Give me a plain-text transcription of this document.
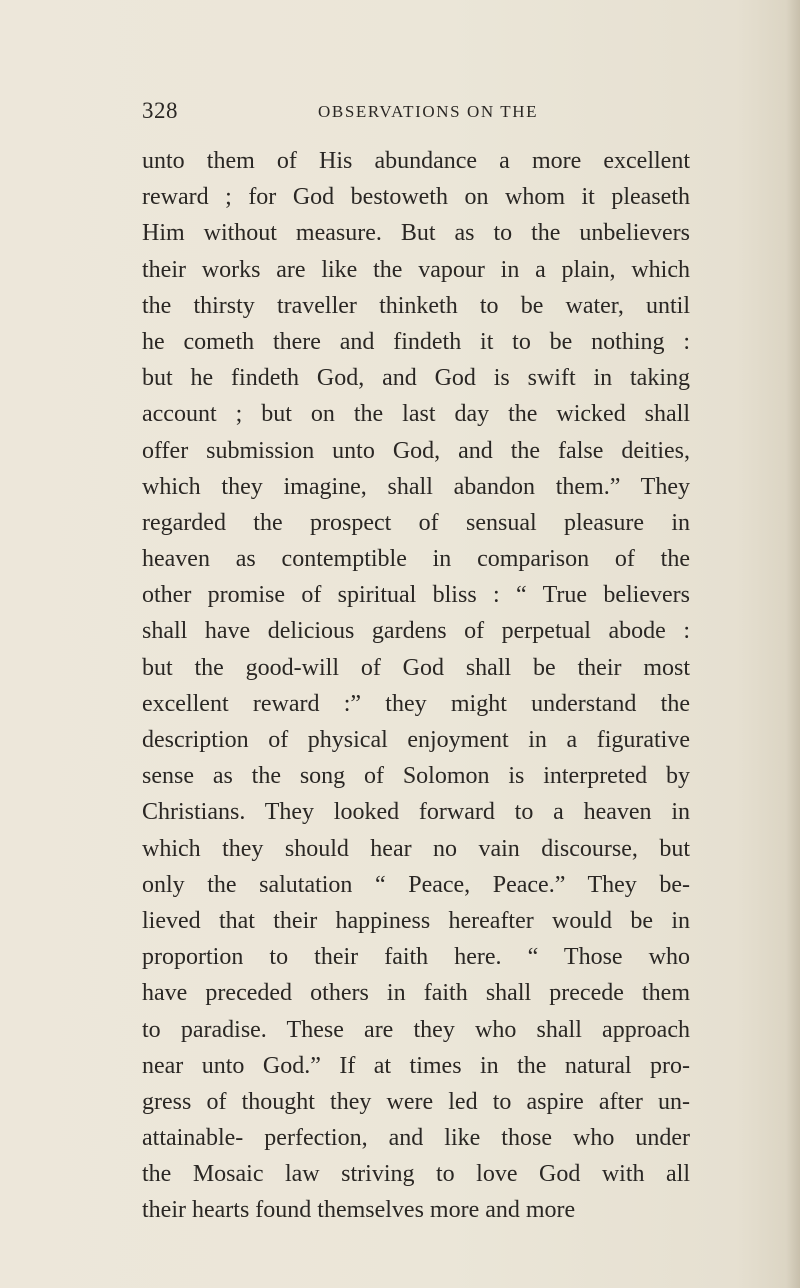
328	OBSERVATIONS ON THE
unto them of His abundance a more excellent
reward ; for God bestoweth on whom it pleaseth
Him without measure. But as to the unbelievers
their works are like the vapour in a plain, which
the thirsty traveller thinketh to be water, until
he cometh there and findeth it to be nothing :
but he findeth God, and God is swift in taking
account ; but on the last day the wicked shall
offer submission unto God, and the false deities,
which they imagine, shall abandon them.” They
regarded the prospect of sensual pleasure in
heaven as contemptible in comparison of the
other promise of spiritual bliss : “ True believers
shall have delicious gardens of perpetual abode :
but the good-will of God shall be their most
excellent reward :” they might understand the
description of physical enjoyment in a figurative
sense as the song of Solomon is interpreted by
Christians. They looked forward to a heaven in
which they should hear no vain discourse, but
only the salutation “ Peace, Peace.” They be-
lieved that their happiness hereafter would be in
proportion to their faith here. “ Those who
have preceded others in faith shall precede them
to paradise. These are they who shall approach
near unto God.” If at times in the natural pro-
gress of thought they were led to aspire after un-
attainable- perfection, and like those who under
the Mosaic law striving to love God with all
their hearts found themselves more and more
